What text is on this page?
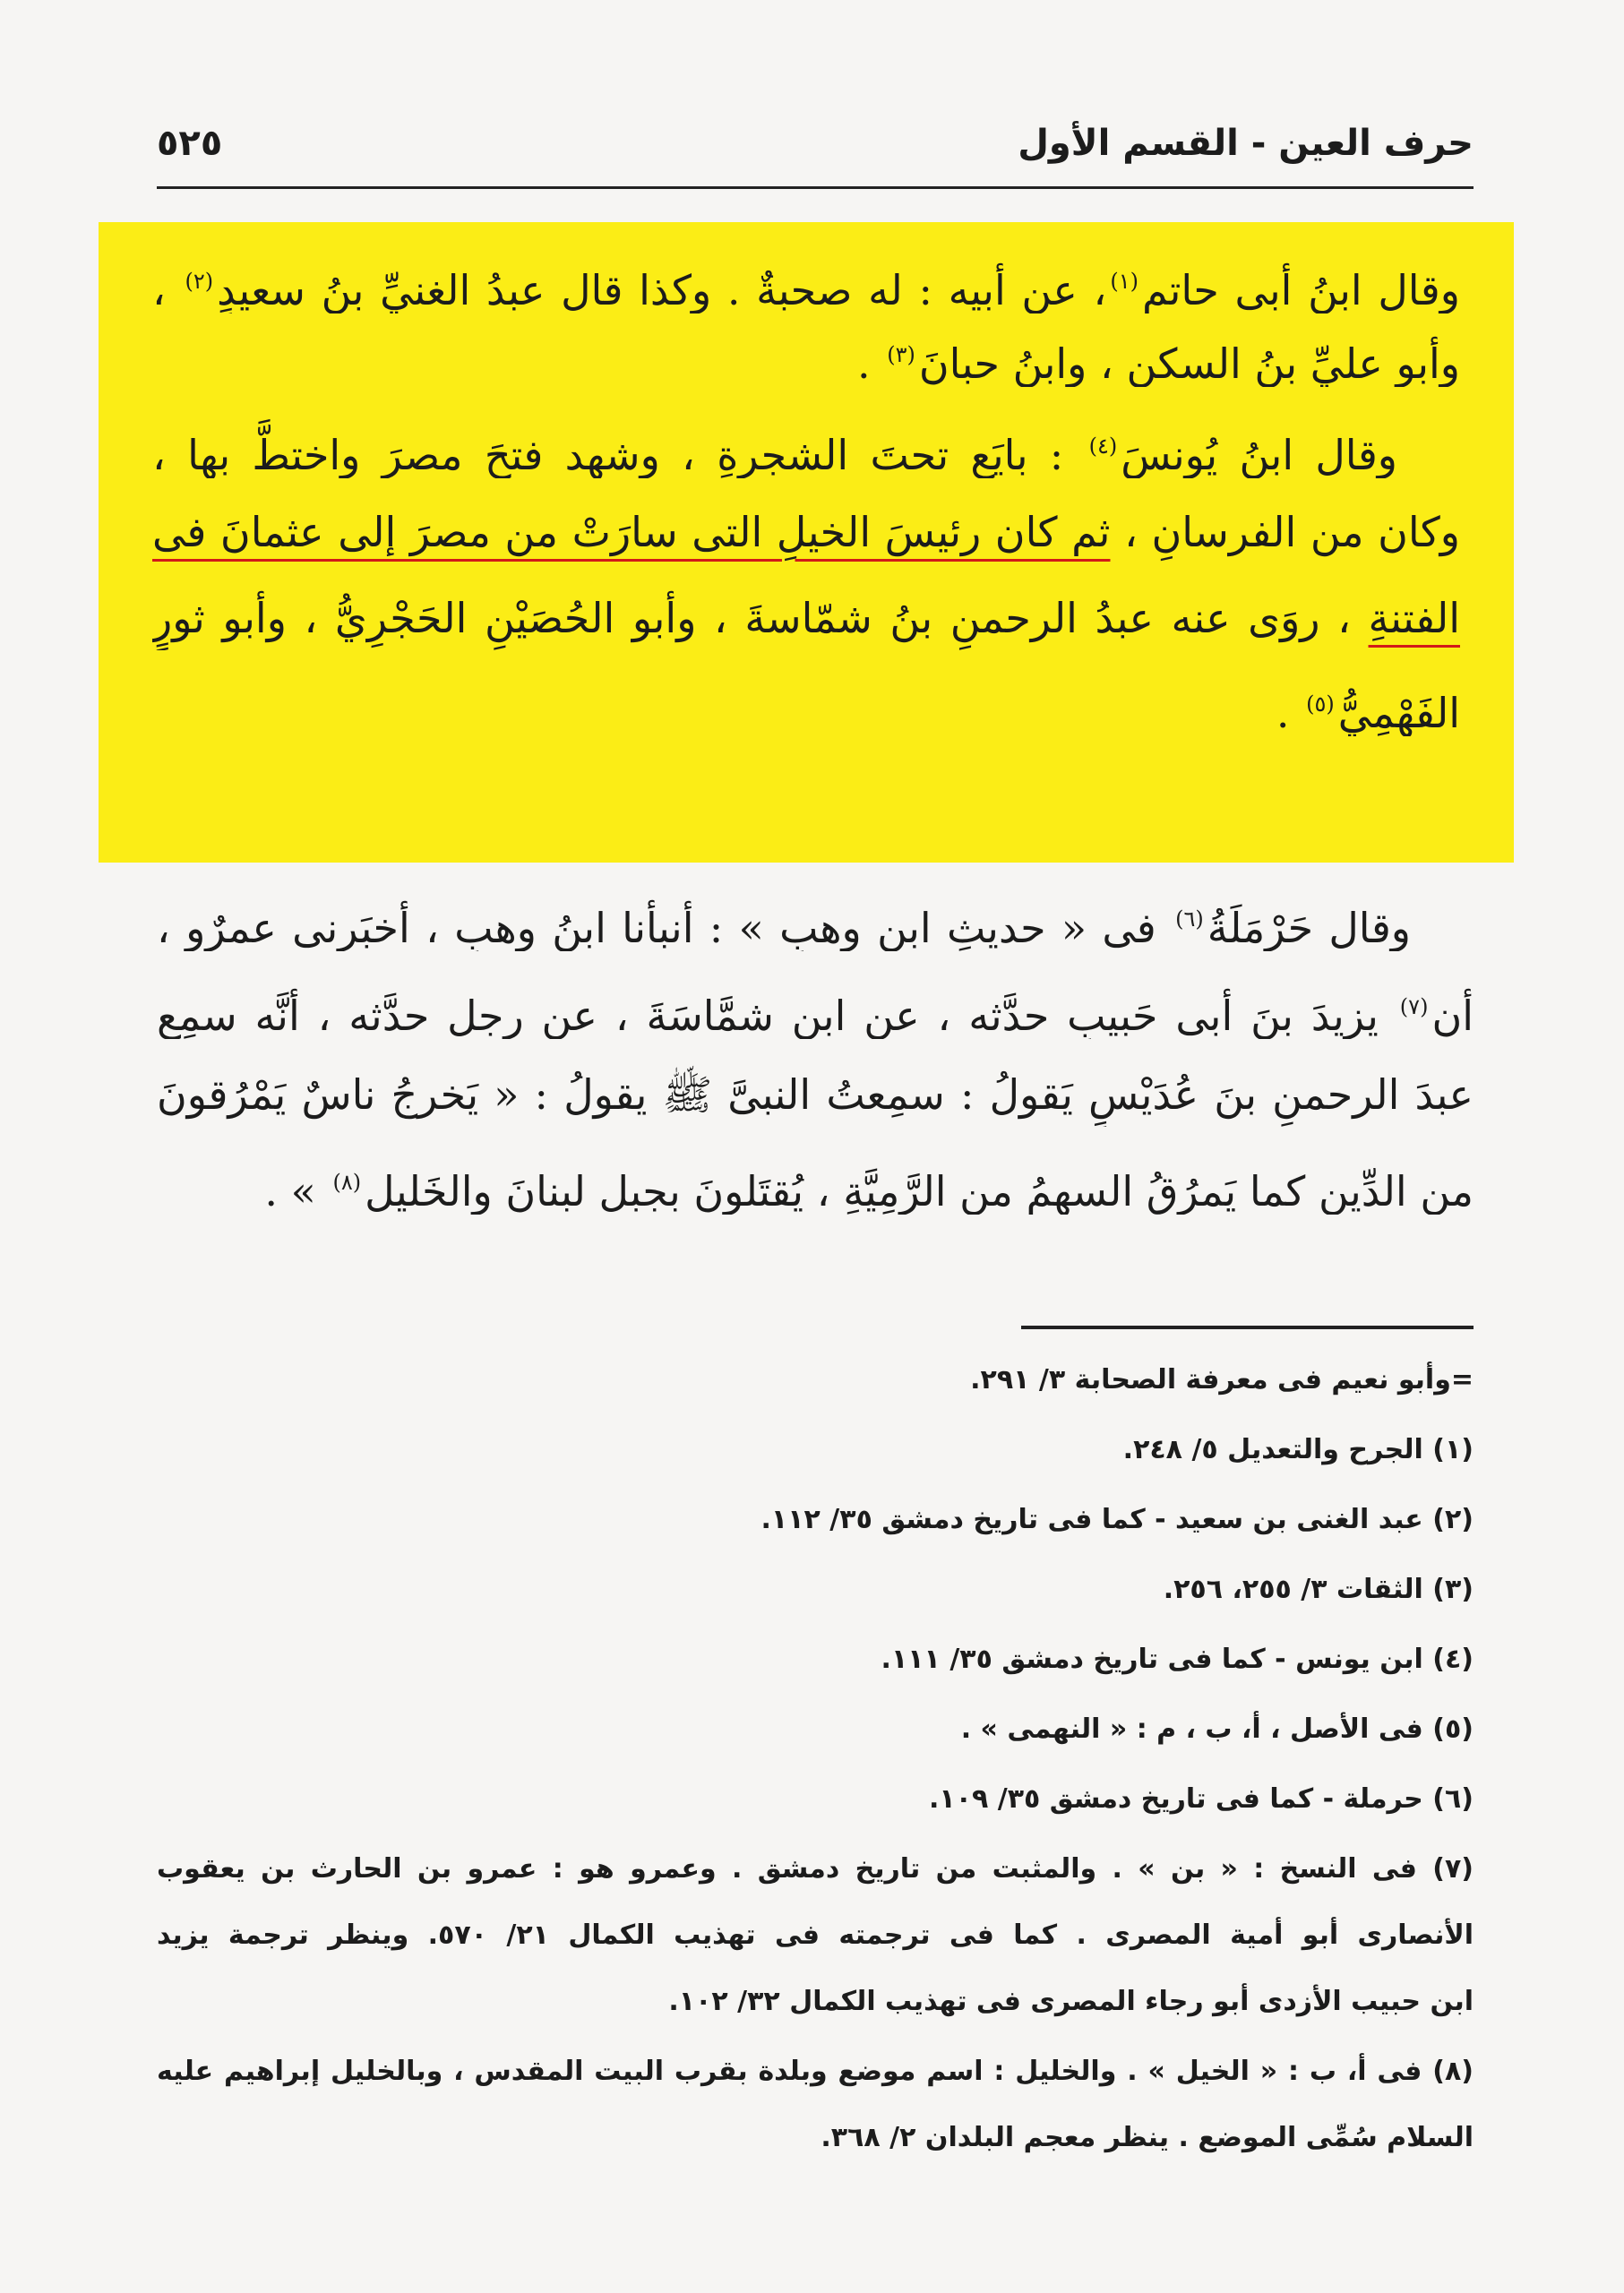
حرف العين - القسم الأول
٥٢٥

وقال ابنُ أبى حاتمٍ$^{(١)}$، عن أبيه : له صحبةٌ . وكذا قال عبدُ الغنيِّ بنُ سعيدٍ$^{(٢)}$ ،

وأبو عليِّ بنُ السكنِ ، وابنُ حبانَ$^{(٣)}$ .

وقال ابنُ يُونسَ$^{(٤)}$ : بايَع تحتَ الشجرةِ ، وشهِد فتحَ مصرَ واختطَّ بها ،

وكان من الفرسانِ ، ثم كان رئيسَ الخيلِ التى سارَتْ من مصرَ إلى عثمانَ فى

الفتنةِ ، روَى عنه عبدُ الرحمنِ بنُ شمّاسةَ ، وأبو الحُصَيْنِ الحَجْرِيُّ ، وأبو ثورٍ

الفَهْمِيُّ$^{(٥)}$ .

وقال حَرْمَلَةُ$^{(٦)}$ فى « حديثِ ابنِ وهبٍ » : أنبأنا ابنُ وهبٍ ، أخبَرنى عمرٌو ،

أن$^{(٧)}$ يزيدَ بنَ أبى حَبيبٍ حدَّثه ، عن ابنِ شمَّاسَةَ ، عن رجلٍ حدَّثه ، أنَّه سمِع

عبدَ الرحمنِ بنَ عُدَيْسٍ يَقولُ : سمِعتُ النبىَّ ﷺ يقولُ : « يَخرجُ ناسٌ يَمْرُقونَ

من الدِّينِ كما يَمرُقُ السهمُ من الرَّمِيَّةِ ، يُقتَلونَ بجبلِ لبنانَ والخَليلِ$^{(٨)}$ » .

=وأبو نعيم فى معرفة الصحابة ٣/ ٢٩١.
(١) الجرح والتعديل ٥/ ٢٤٨.
(٢) عبد الغنى بن سعيد - كما فى تاريخ دمشق ٣٥/ ١١٢.
(٣) الثقات ٣/ ٢٥٥، ٢٥٦.
(٤) ابن يونس - كما فى تاريخ دمشق ٣٥/ ١١١.
(٥) فى الأصل ، أ، ب ، م : « النهمى » .
(٦) حرملة - كما فى تاريخ دمشق ٣٥/ ١٠٩.
(٧) فى النسخ : « بن » . والمثبت من تاريخ دمشق . وعمرو هو : عمرو بن الحارث بن يعقوب
الأنصارى أبو أمية المصرى . كما فى ترجمته فى تهذيب الكمال ٢١/ ٥٧٠. وينظر ترجمة يزيد
ابن حبيب الأزدى أبو رجاء المصرى فى تهذيب الكمال ٣٢/ ١٠٢.
(٨) فى أ، ب : « الخيل » . والخليل : اسم موضع وبلدة بقرب البيت المقدس ، وبالخليل إبراهيم عليه
السلام سُمِّى الموضع . ينظر معجم البلدان ٢/ ٣٦٨.
